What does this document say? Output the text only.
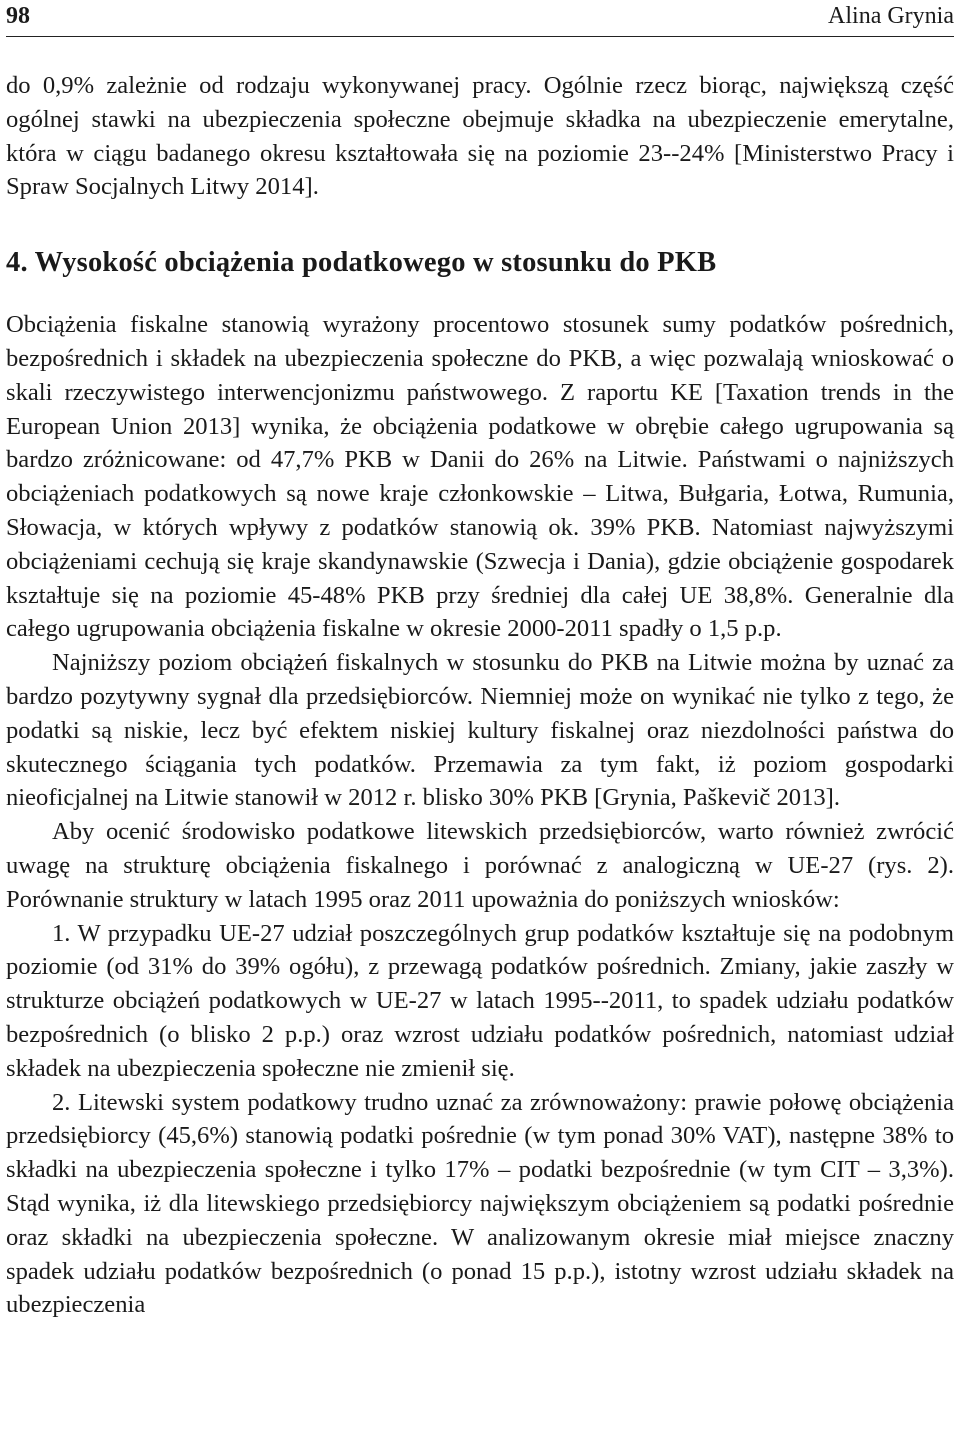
98	Alina Grynia

do 0,9% zależnie od rodzaju wykonywanej pracy. Ogólnie rzecz biorąc, największą część ogólnej stawki na ubezpieczenia społeczne obejmuje składka na ubezpieczenie emerytalne, która w ciągu badanego okresu kształtowała się na poziomie 23-​-24% [Ministerstwo Pracy i Spraw Socjalnych Litwy 2014].

4. Wysokość obciążenia podatkowego w stosunku do PKB

Obciążenia fiskalne stanowią wyrażony procentowo stosunek sumy podatków pośrednich, bezpośrednich i składek na ubezpieczenia społeczne do PKB, a więc pozwalają wnioskować o skali rzeczywistego interwencjonizmu państwowego. Z raportu KE [Taxation trends in the European Union 2013] wynika, że obciążenia podatkowe w obrębie całego ugrupowania są bardzo zróżnicowane: od 47,7% PKB w Danii do 26% na Litwie. Państwami o najniższych obciążeniach podatkowych są nowe kraje członkowskie – Litwa, Bułgaria, Łotwa, Rumunia, Słowacja, w których wpływy z podatków stanowią ok. 39% PKB. Natomiast najwyższymi obciążeniami cechują się kraje skandynawskie (Szwecja i Dania), gdzie obciążenie gospodarek kształtuje się na poziomie 45-48% PKB przy średniej dla całej UE 38,8%. Generalnie dla całego ugrupowania obciążenia fiskalne w okresie 2000-2011 spadły o 1,5 p.p.

Najniższy poziom obciążeń fiskalnych w stosunku do PKB na Litwie można by uznać za bardzo pozytywny sygnał dla przedsiębiorców. Niemniej może on wynikać nie tylko z tego, że podatki są niskie, lecz być efektem niskiej kultury fiskalnej oraz niezdolności państwa do skutecznego ściągania tych podatków. Przemawia za tym fakt, iż poziom gospodarki nieoficjalnej na Litwie stanowił w 2012 r. blisko 30% PKB [Grynia, Paškevič 2013].

Aby ocenić środowisko podatkowe litewskich przedsiębiorców, warto również zwrócić uwagę na strukturę obciążenia fiskalnego i porównać z analogiczną w UE-27 (rys. 2). Porównanie struktury w latach 1995 oraz 2011 upoważnia do poniższych wniosków:

1. W przypadku UE-27 udział poszczególnych grup podatków kształtuje się na podobnym poziomie (od 31% do 39% ogółu), z przewagą podatków pośrednich. Zmiany, jakie zaszły w strukturze obciążeń podatkowych w UE-27 w latach 1995-​-2011, to spadek udziału podatków bezpośrednich (o blisko 2 p.p.) oraz wzrost udziału podatków pośrednich, natomiast udział składek na ubezpieczenia społeczne nie zmienił się.

2. Litewski system podatkowy trudno uznać za zrównoważony: prawie połowę obciążenia przedsiębiorcy (45,6%) stanowią podatki pośrednie (w tym ponad 30% VAT), następne 38% to składki na ubezpieczenia społeczne i tylko 17% – podatki bezpośrednie (w tym CIT – 3,3%). Stąd wynika, iż dla litewskiego przedsiębiorcy największym obciążeniem są podatki pośrednie oraz składki na ubezpieczenia społeczne. W analizowanym okresie miał miejsce znaczny spadek udziału podatków bezpośrednich (o ponad 15 p.p.), istotny wzrost udziału składek na ubezpieczenia
